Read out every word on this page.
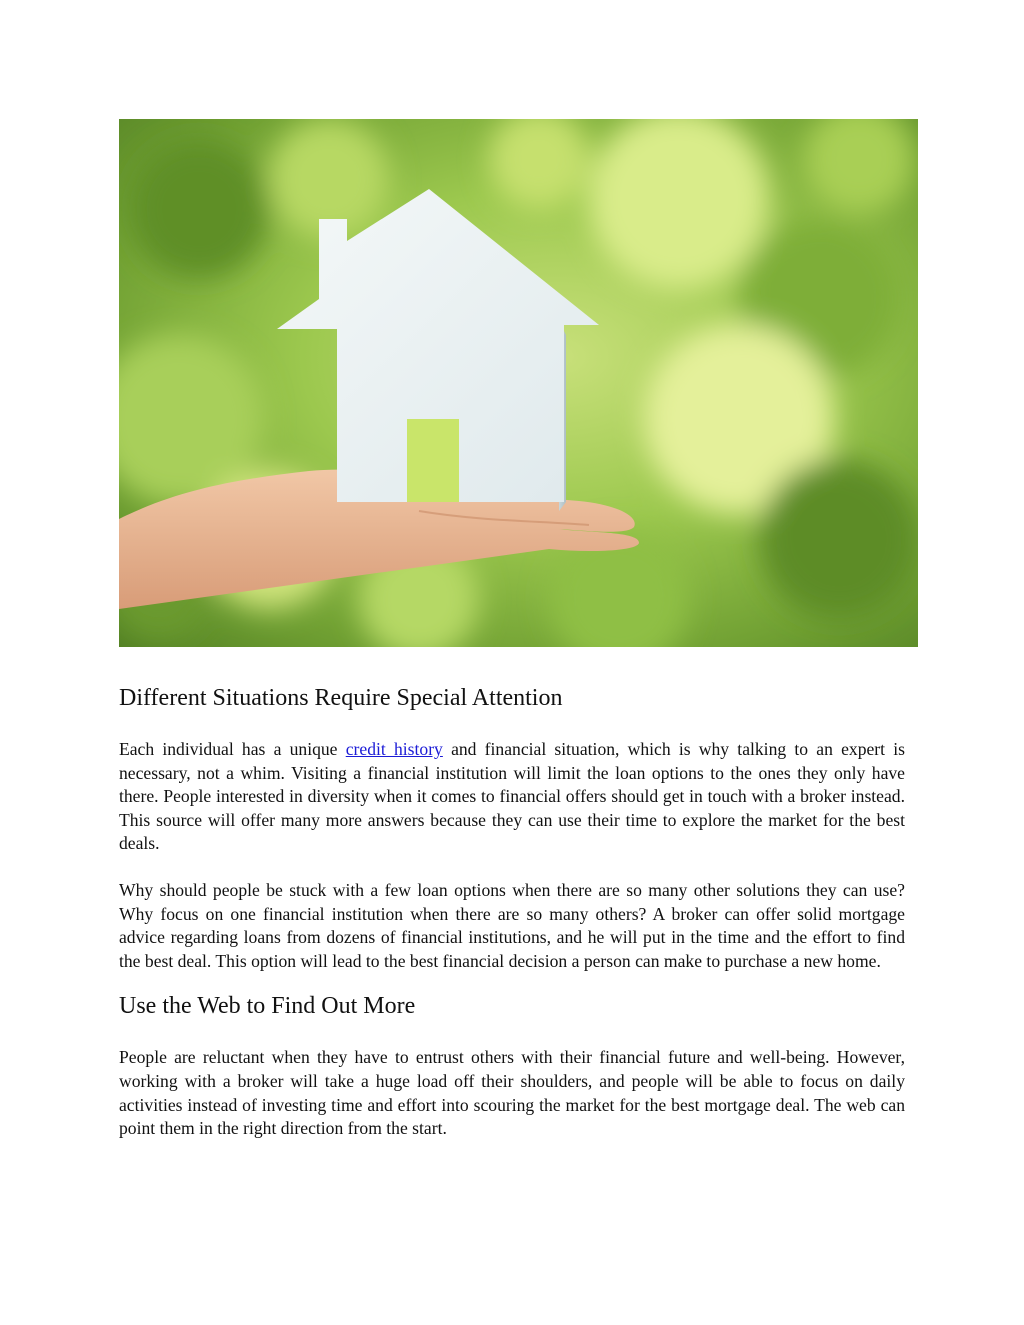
Different Situations Require Special Attention

Each individual has a unique credit history and financial situation, which is why talking to an expert is necessary, not a whim. Visiting a financial institution will limit the loan options to the ones they only have there. People interested in diversity when it comes to financial offers should get in touch with a broker instead. This source will offer many more answers because they can use their time to explore the market for the best deals.

Why should people be stuck with a few loan options when there are so many other solutions they can use? Why focus on one financial institution when there are so many others? A broker can offer solid mortgage advice regarding loans from dozens of financial institutions, and he will put in the time and the effort to find the best deal. This option will lead to the best financial decision a person can make to purchase a new home.

Use the Web to Find Out More

People are reluctant when they have to entrust others with their financial future and well-being. However, working with a broker will take a huge load off their shoulders, and people will be able to focus on daily activities instead of investing time and effort into scouring the market for the best mortgage deal. The web can point them in the right direction from the start.
